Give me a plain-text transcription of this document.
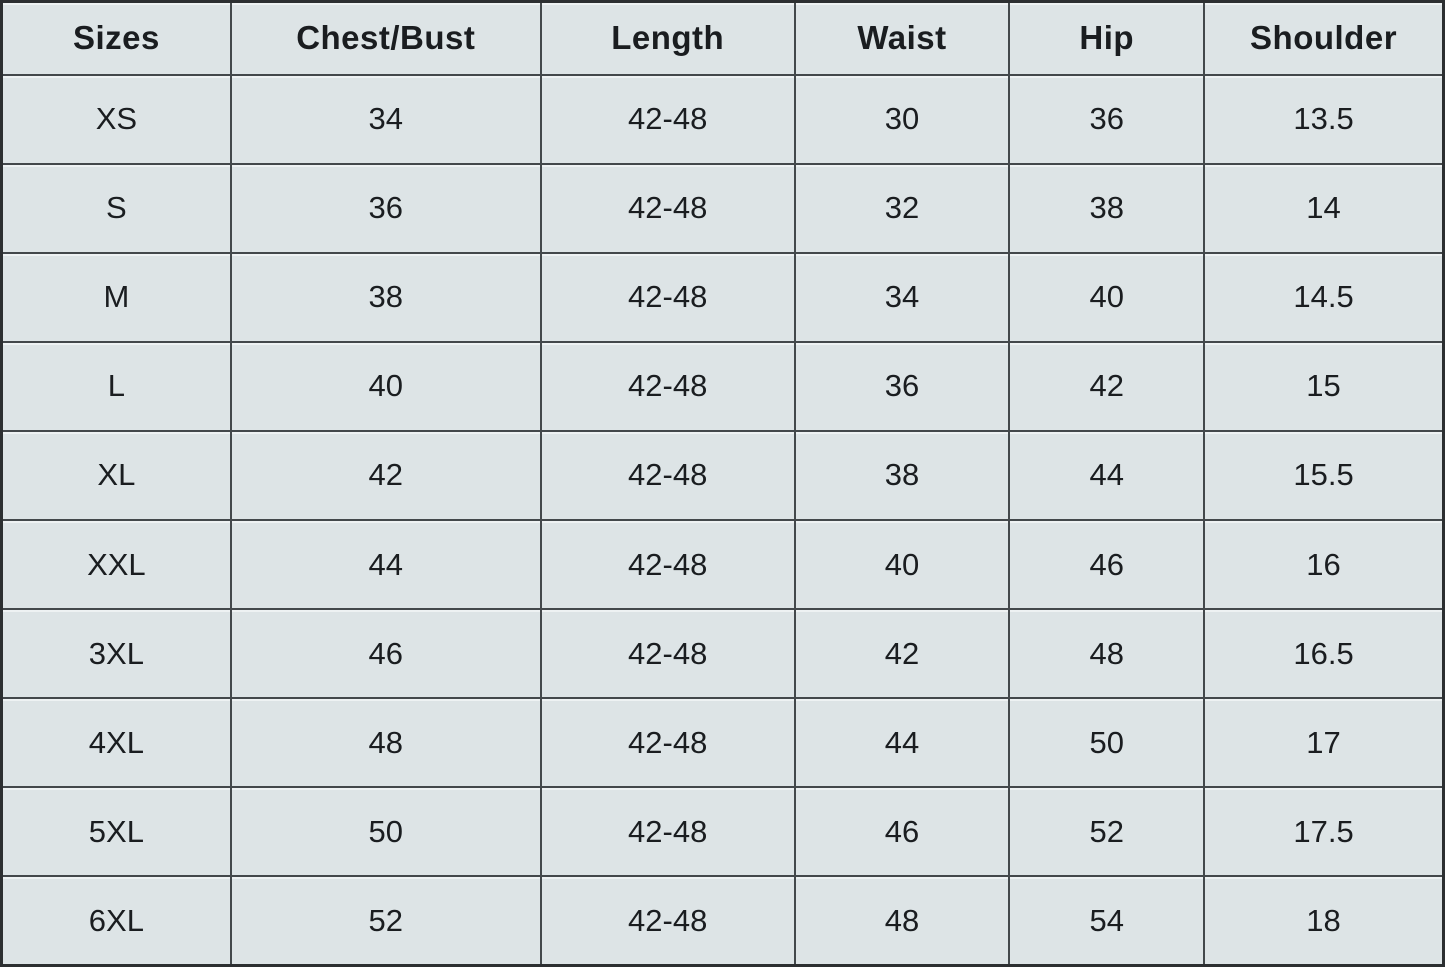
Sizes	Chest/Bust	Length	Waist	Hip	Shoulder
XS	34	42-48	30	36	13.5
S	36	42-48	32	38	14
M	38	42-48	34	40	14.5
L	40	42-48	36	42	15
XL	42	42-48	38	44	15.5
XXL	44	42-48	40	46	16
3XL	46	42-48	42	48	16.5
4XL	48	42-48	44	50	17
5XL	50	42-48	46	52	17.5
6XL	52	42-48	48	54	18
